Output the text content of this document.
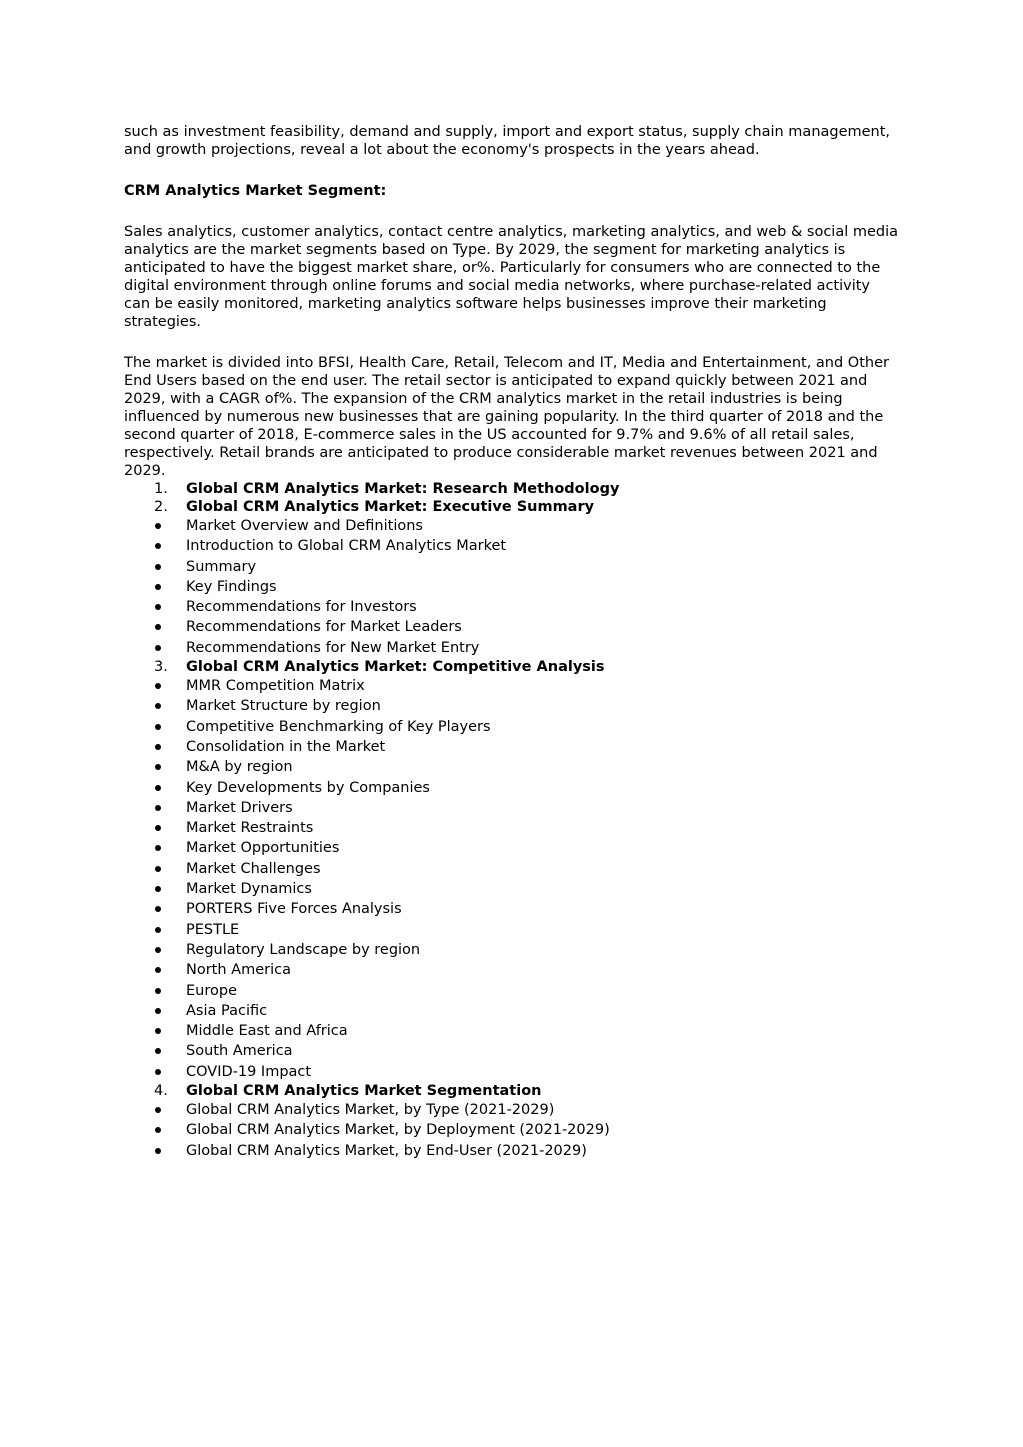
such as investment feasibility, demand and supply, import and export status, supply chain management, and growth projections, reveal a lot about the economy's prospects in the years ahead.

CRM Analytics Market Segment:

Sales analytics, customer analytics, contact centre analytics, marketing analytics, and web & social media analytics are the market segments based on Type. By 2029, the segment for marketing analytics is anticipated to have the biggest market share, or%. Particularly for consumers who are connected to the digital environment through online forums and social media networks, where purchase-related activity can be easily monitored, marketing analytics software helps businesses improve their marketing strategies.

The market is divided into BFSI, Health Care, Retail, Telecom and IT, Media and Entertainment, and Other End Users based on the end user. The retail sector is anticipated to expand quickly between 2021 and 2029, with a CAGR of%. The expansion of the CRM analytics market in the retail industries is being influenced by numerous new businesses that are gaining popularity. In the third quarter of 2018 and the second quarter of 2018, E-commerce sales in the US accounted for 9.7% and 9.6% of all retail sales, respectively. Retail brands are anticipated to produce considerable market revenues between 2021 and 2029.

1. Global CRM Analytics Market: Research Methodology
2. Global CRM Analytics Market: Executive Summary
Market Overview and Definitions
Introduction to Global CRM Analytics Market
Summary
Key Findings
Recommendations for Investors
Recommendations for Market Leaders
Recommendations for New Market Entry
3. Global CRM Analytics Market: Competitive Analysis
MMR Competition Matrix
Market Structure by region
Competitive Benchmarking of Key Players
Consolidation in the Market
M&A by region
Key Developments by Companies
Market Drivers
Market Restraints
Market Opportunities
Market Challenges
Market Dynamics
PORTERS Five Forces Analysis
PESTLE
Regulatory Landscape by region
North America
Europe
Asia Pacific
Middle East and Africa
South America
COVID-19 Impact
4. Global CRM Analytics Market Segmentation
Global CRM Analytics Market, by Type (2021-2029)
Global CRM Analytics Market, by Deployment (2021-2029)
Global CRM Analytics Market, by End-User (2021-2029)
